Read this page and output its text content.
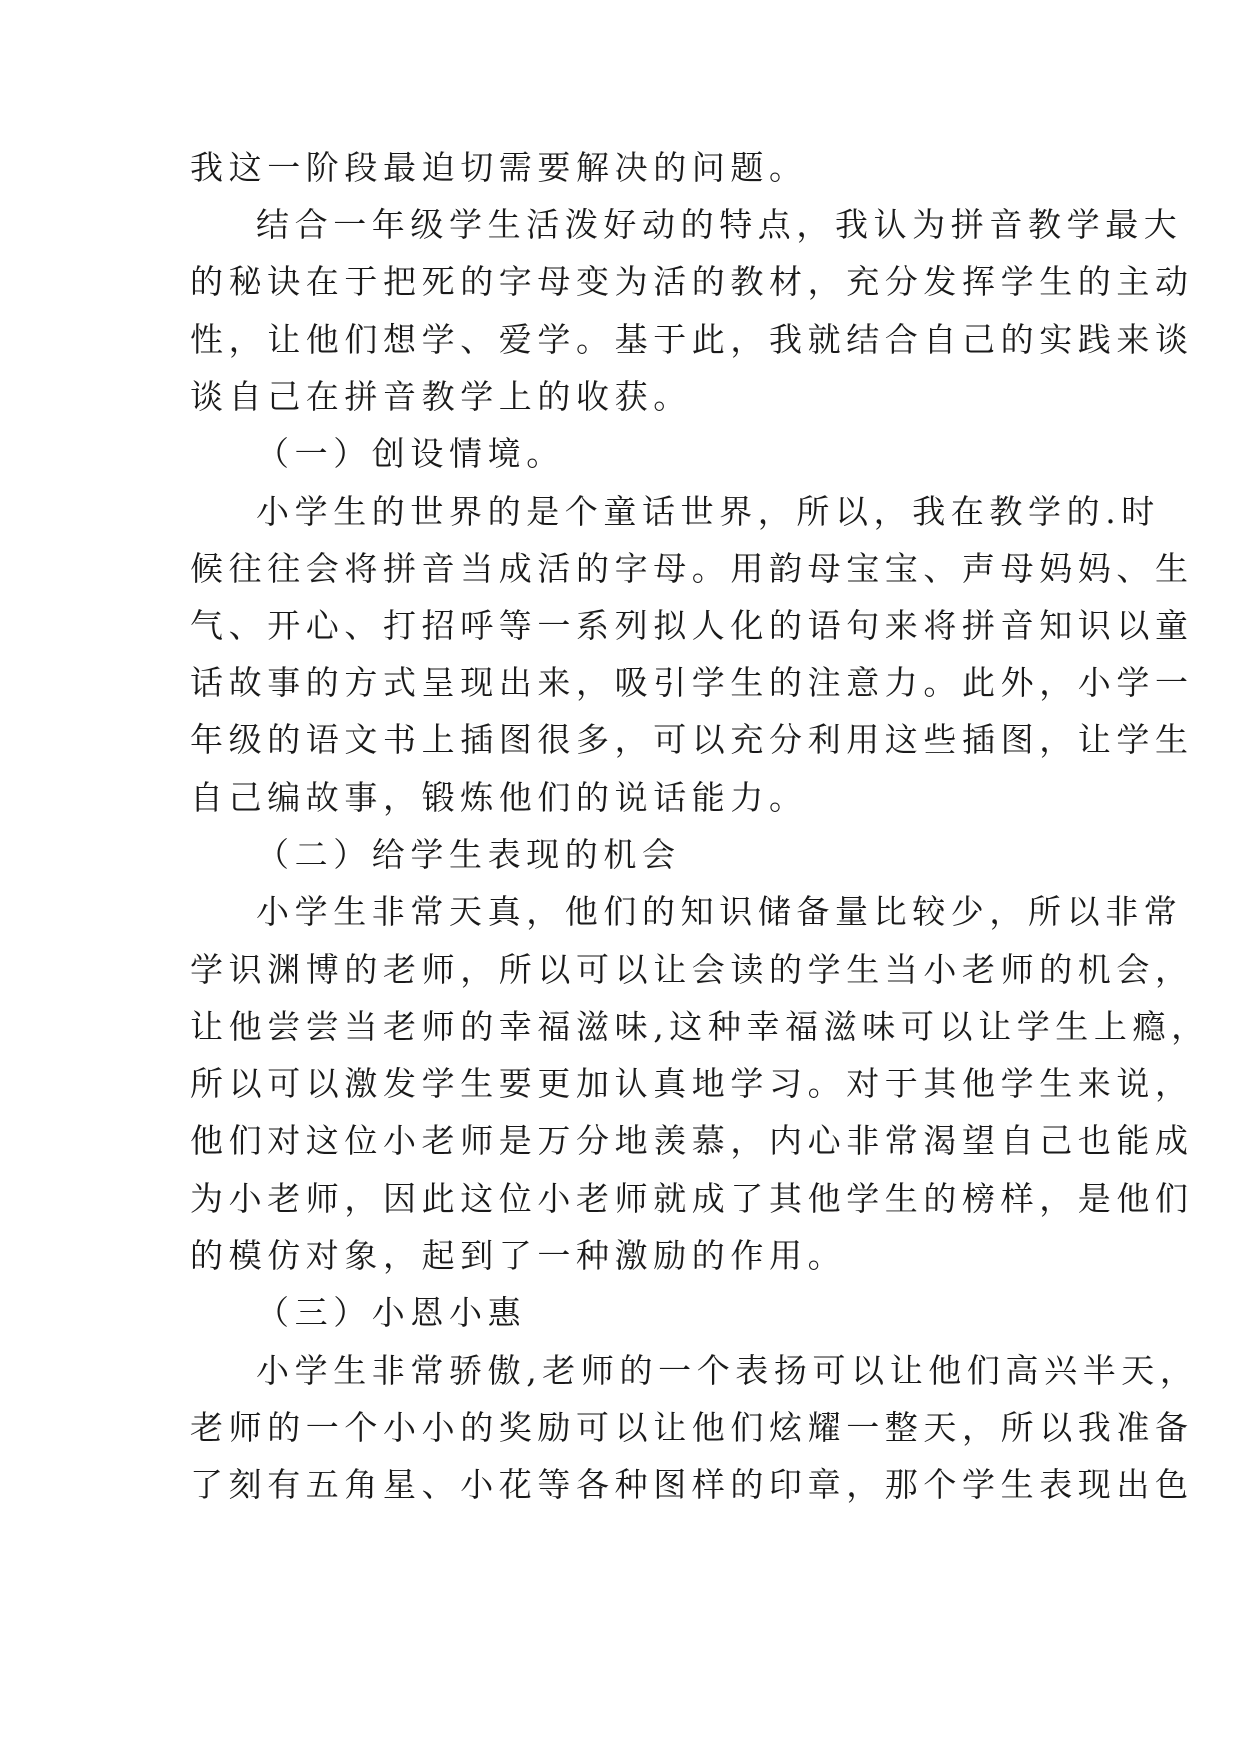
我这一阶段最迫切需要解决的问题。
结合一年级学生活泼好动的特点，我认为拼音教学最大
的秘诀在于把死的字母变为活的教材，充分发挥学生的主动
性，让他们想学、爱学。基于此，我就结合自己的实践来谈
谈自己在拼音教学上的收获。
（一）创设情境。
小学生的世界的是个童话世界，所以，我在教学的.时
候往往会将拼音当成活的字母。用韵母宝宝、声母妈妈、生
气、开心、打招呼等一系列拟人化的语句来将拼音知识以童
话故事的方式呈现出来，吸引学生的注意力。此外，小学一
年级的语文书上插图很多，可以充分利用这些插图，让学生
自己编故事，锻炼他们的说话能力。
（二）给学生表现的机会
小学生非常天真，他们的知识储备量比较少，所以非常
学识渊博的老师，所以可以让会读的学生当小老师的机会，
让他尝尝当老师的幸福滋味,这种幸福滋味可以让学生上瘾，
所以可以激发学生要更加认真地学习。对于其他学生来说，
他们对这位小老师是万分地羡慕，内心非常渴望自己也能成
为小老师，因此这位小老师就成了其他学生的榜样，是他们
的模仿对象，起到了一种激励的作用。
（三）小恩小惠
小学生非常骄傲,老师的一个表扬可以让他们高兴半天，
老师的一个小小的奖励可以让他们炫耀一整天，所以我准备
了刻有五角星、小花等各种图样的印章，那个学生表现出色
